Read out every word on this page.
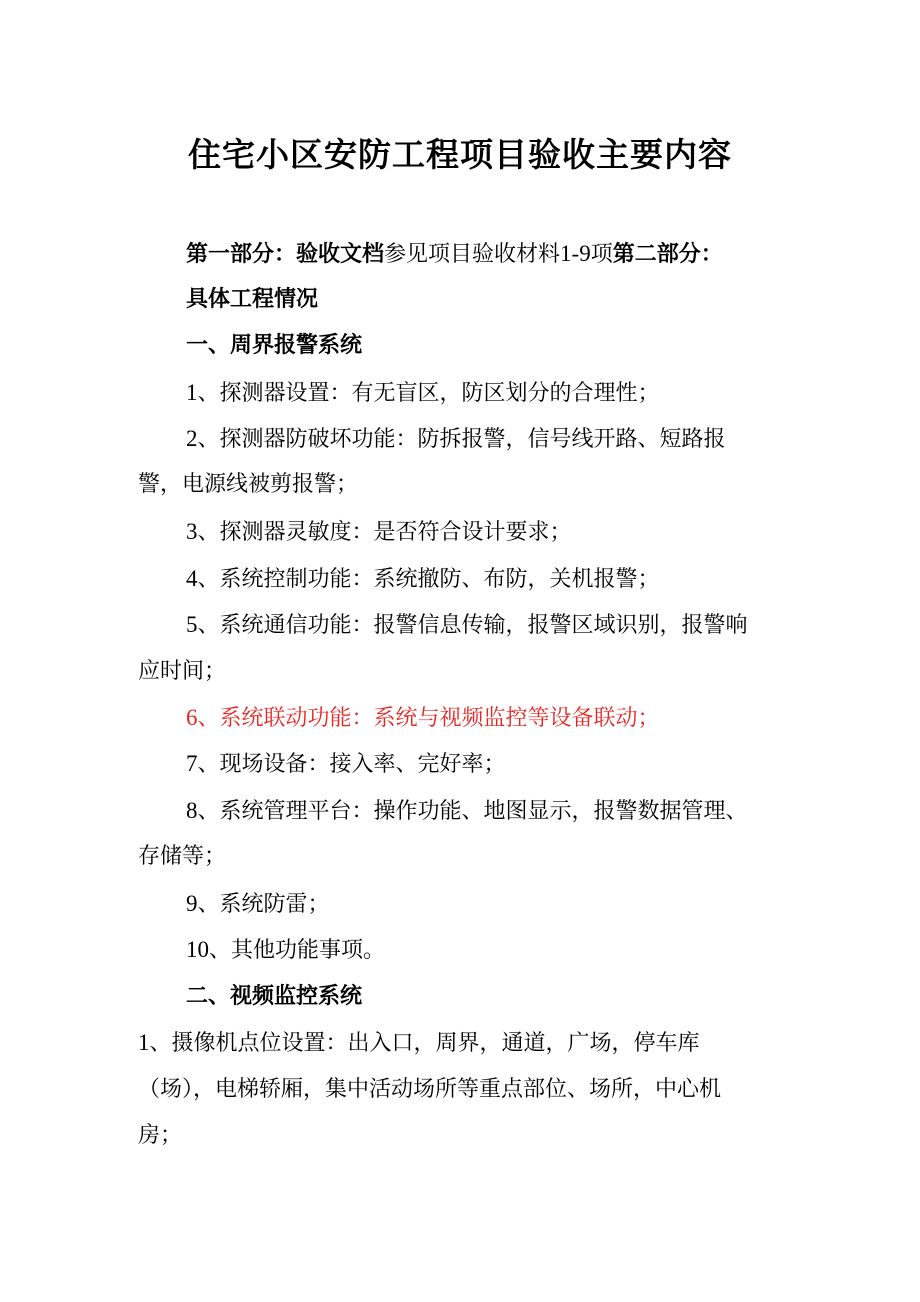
住宅小区安防工程项目验收主要内容
第一部分：验收文档参见项目验收材料1-9项第二部分：
具体工程情况
一、周界报警系统
1、探测器设置：有无盲区，防区划分的合理性；
2、探测器防破坏功能：防拆报警，信号线开路、短路报
警，电源线被剪报警；
3、探测器灵敏度：是否符合设计要求；
4、系统控制功能：系统撤防、布防，关机报警；
5、系统通信功能：报警信息传输，报警区域识别，报警响
应时间；
6、系统联动功能：系统与视频监控等设备联动；
7、现场设备：接入率、完好率；
8、系统管理平台：操作功能、地图显示，报警数据管理、
存储等；
9、系统防雷；
10、其他功能事项。
二、视频监控系统
1、摄像机点位设置：出入口，周界，通道，广场，停车库
（场），电梯轿厢，集中活动场所等重点部位、场所，中心机
房；
